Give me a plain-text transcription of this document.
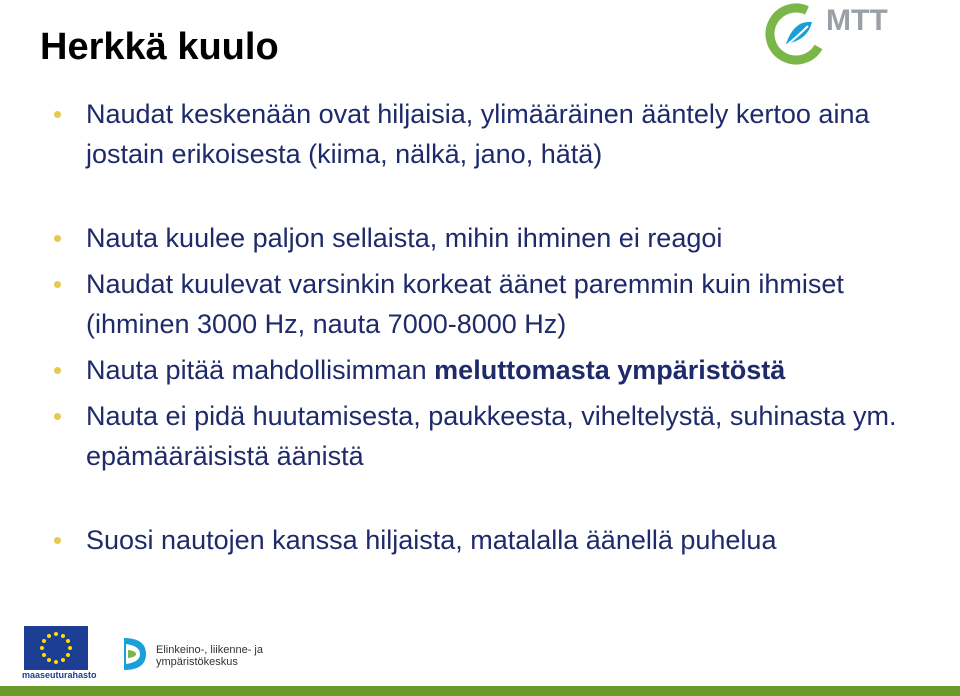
Herkkä kuulo
MTT
Naudat keskenään ovat hiljaisia, ylimääräinen ääntely kertoo aina jostain erikoisesta (kiima, nälkä, jano, hätä)
Nauta kuulee paljon sellaista, mihin ihminen ei reagoi
Naudat kuulevat varsinkin korkeat äänet paremmin kuin ihmiset (ihminen 3000 Hz, nauta 7000-8000 Hz)
Nauta pitää mahdollisimman meluttomasta ympäristöstä
Nauta ei pidä huutamisesta, paukkeesta, viheltelystä, suhinasta ym. epämääräisistä äänistä
Suosi nautojen kanssa hiljaista, matalalla äänellä puhelua
maaseuturahasto
Elinkeino-, liikenne- ja
ympäristökeskus
